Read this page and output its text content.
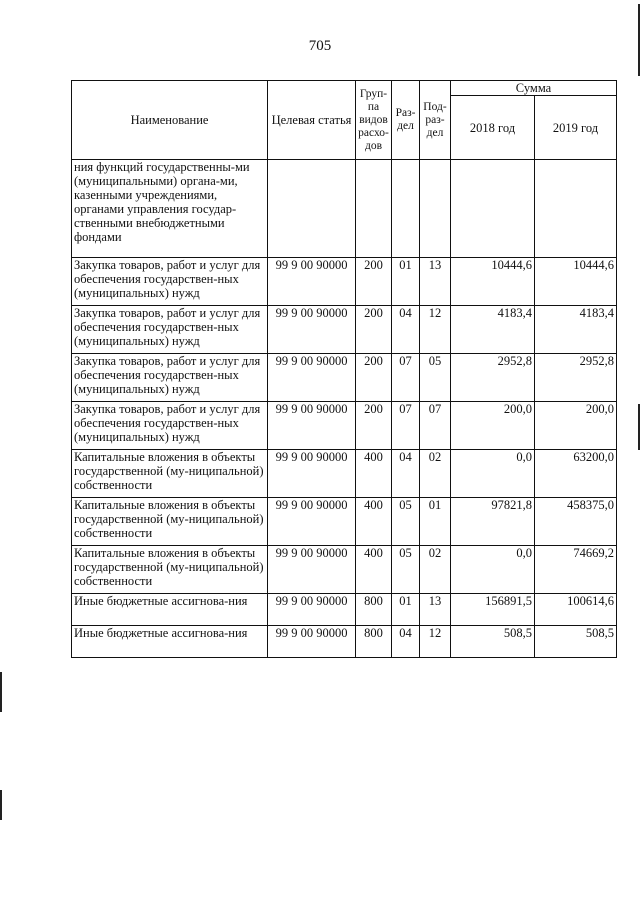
705
Наименование	Целевая статья	Груп-па видов расхо-дов	Раз-дел	Под-раз-дел	Сумма	
					2018 год	2019 год
ния функций государственны-ми (муниципальными) органа-ми, казенными учреждениями, органами управления государ-ственными внебюджетными фондами						
Закупка товаров, работ и услуг для обеспечения государствен-ных (муниципальных) нужд	99 9 00 90000	200	01	13	10444,6	10444,6
Закупка товаров, работ и услуг для обеспечения государствен-ных (муниципальных) нужд	99 9 00 90000	200	04	12	4183,4	4183,4
Закупка товаров, работ и услуг для обеспечения государствен-ных (муниципальных) нужд	99 9 00 90000	200	07	05	2952,8	2952,8
Закупка товаров, работ и услуг для обеспечения государствен-ных (муниципальных) нужд	99 9 00 90000	200	07	07	200,0	200,0
Капитальные вложения в объекты государственной (му-ниципальной) собственности	99 9 00 90000	400	04	02	0,0	63200,0
Капитальные вложения в объекты государственной (му-ниципальной) собственности	99 9 00 90000	400	05	01	97821,8	458375,0
Капитальные вложения в объекты государственной (му-ниципальной) собственности	99 9 00 90000	400	05	02	0,0	74669,2
Иные бюджетные ассигнова-ния	99 9 00 90000	800	01	13	156891,5	100614,6
Иные бюджетные ассигнова-ния	99 9 00 90000	800	04	12	508,5	508,5
